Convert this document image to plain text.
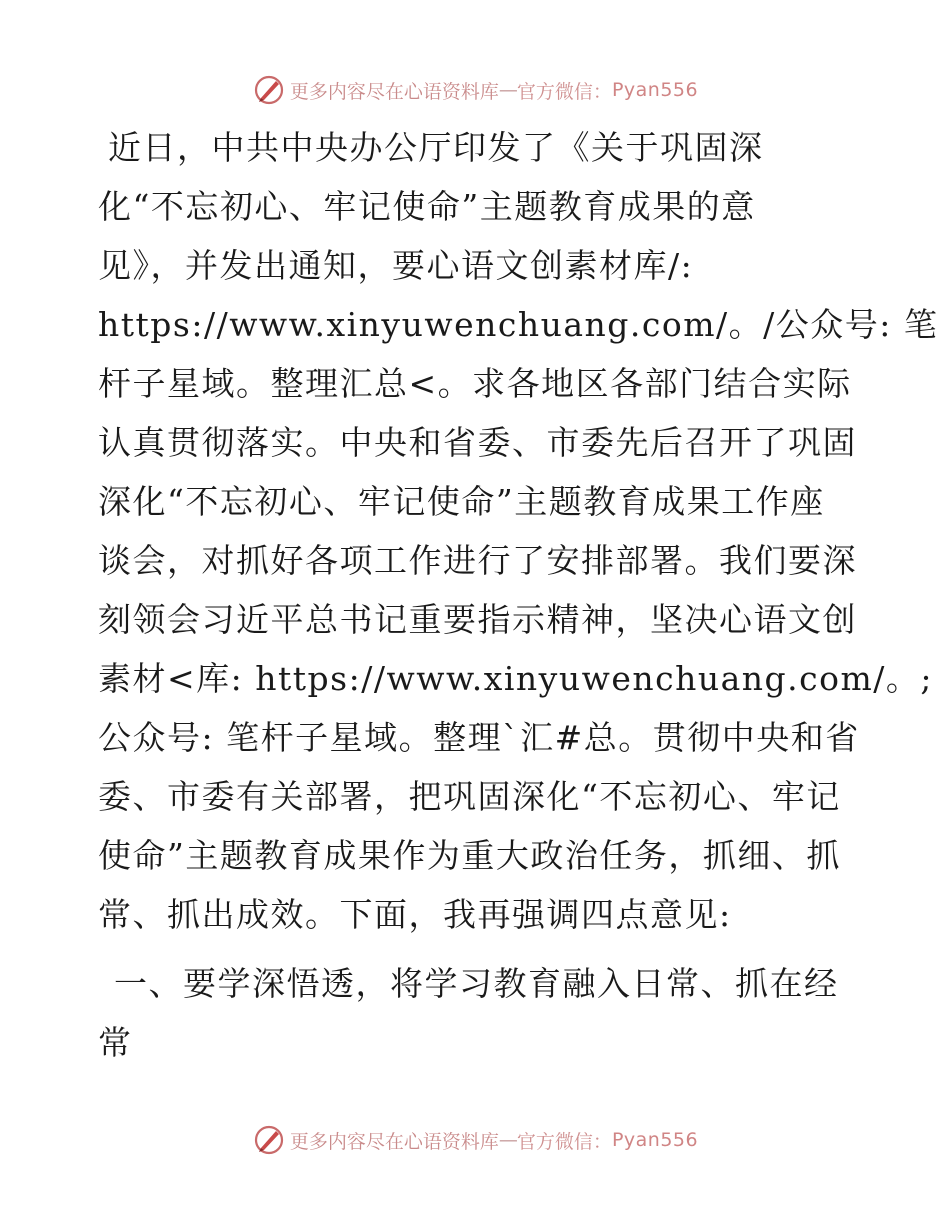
更多内容尽在心语资料库 — 官方微信： Pyan556
近日，中共中央办公厅印发了《关于巩固深
化“不忘初心、牢记使命”主题教育成果的意
见》，并发出通知，要心语文创素材库/:
https://www.xinyuwenchuang.com/。/公众号: 笔
杆子星域。整理汇总<。求各地区各部门结合实际
认真贯彻落实。中央和省委、市委先后召开了巩固
深化“不忘初心、牢记使命”主题教育成果工作座
谈会，对抓好各项工作进行了安排部署。我们要深
刻领会习近平总书记重要指示精神，坚决心语文创
素材<库: https://www.xinyuwenchuang.com/。;
公众号: 笔杆子星域。整理`汇#总。贯彻中央和省
委、市委有关部署，把巩固深化“不忘初心、牢记
使命”主题教育成果作为重大政治任务，抓细、抓
常、抓出成效。下面，我再强调四点意见:
一、要学深悟透，将学习教育融入日常、抓在经
常
更多内容尽在心语资料库 — 官方微信： Pyan556
